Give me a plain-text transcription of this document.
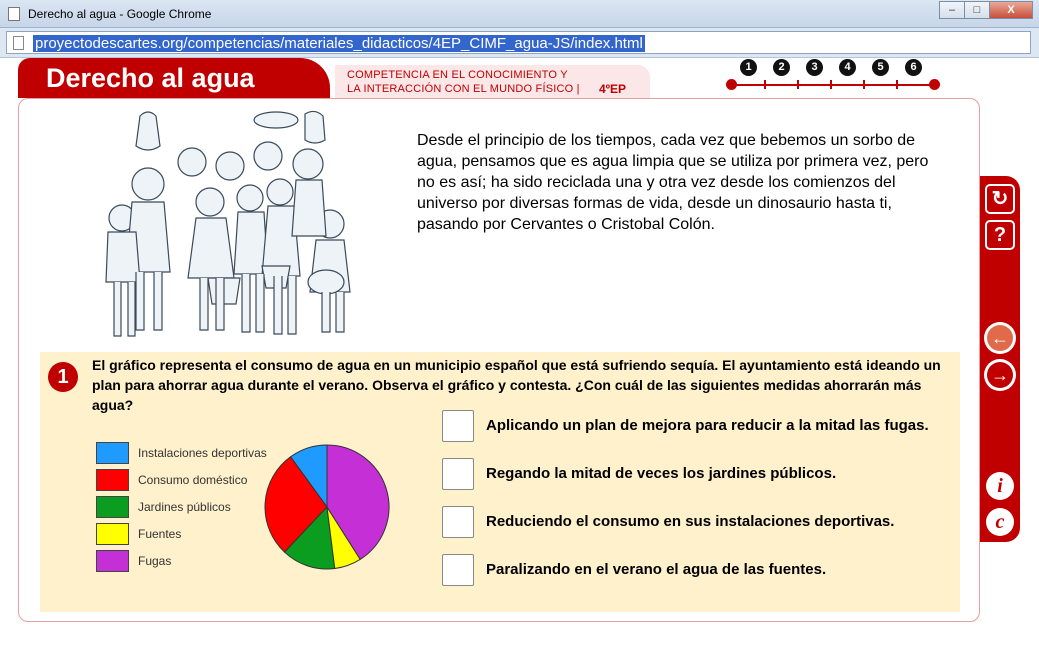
Derecho al agua - Google Chrome	–	□	X
proyectodescartes.org/competencias/materiales_didacticos/4EP_CIMF_agua-JS/index.html
Derecho al agua	COMPETENCIA EN EL CONOCIMIENTO Y
LA INTERACCIÓN CON EL MUNDO FÍSICO | 4ºEP
1	2	3	4	5	6
Desde el principio de los tiempos, cada vez que bebemos un sorbo de agua, pensamos que es agua limpia que se utiliza por primera vez, pero no es así; ha sido reciclada una y otra vez desde los comienzos del universo por diversas formas de vida, desde un dinosaurio hasta ti, pasando por Cervantes o Cristobal Colón.
1
El gráfico representa el consumo de agua en un municipio español que está sufriendo sequía. El ayuntamiento está ideando un plan para ahorrar agua durante el verano. Observa el gráfico y contesta. ¿Con cuál de las siguientes medidas ahorrarán más agua?
Instalaciones deportivas
Consumo doméstico
Jardines públicos
Fuentes
Fugas
Aplicando un plan de mejora para reducir a la mitad las fugas.
Regando la mitad de veces los jardines públicos.
Reduciendo el consumo en sus instalaciones deportivas.
Paralizando en el verano el agua de las fuentes.
↻
?
←
→
i
c
